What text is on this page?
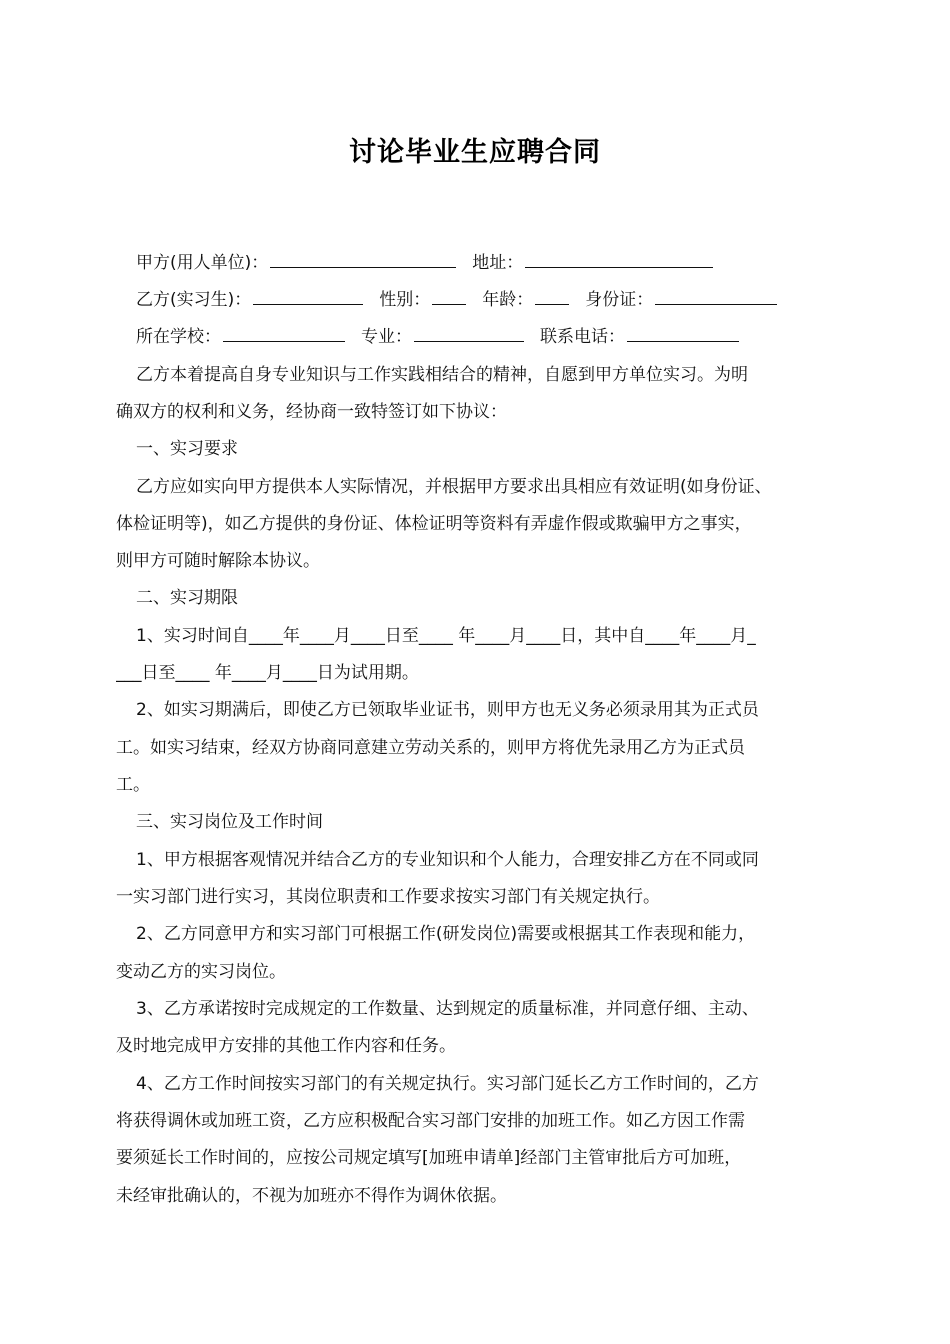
讨论毕业生应聘合同
甲方(用人单位)：	地址：
乙方(实习生)：	性别：	年龄：	身份证：
所在学校：	专业：	联系电话：
乙方本着提高自身专业知识与工作实践相结合的精神，自愿到甲方单位实习。为明
确双方的权利和义务，经协商一致特签订如下协议：
一、实习要求
乙方应如实向甲方提供本人实际情况，并根据甲方要求出具相应有效证明(如身份证、
体检证明等)，如乙方提供的身份证、体检证明等资料有弄虚作假或欺骗甲方之事实，
则甲方可随时解除本协议。
二、实习期限
1、实习时间自____年____月____日至____ 年____月____日，其中自____年____月_
___日至____ 年____月____日为试用期。
2、如实习期满后，即使乙方已领取毕业证书，则甲方也无义务必须录用其为正式员
工。如实习结束，经双方协商同意建立劳动关系的，则甲方将优先录用乙方为正式员
工。
三、实习岗位及工作时间
1、甲方根据客观情况并结合乙方的专业知识和个人能力，合理安排乙方在不同或同
一实习部门进行实习，其岗位职责和工作要求按实习部门有关规定执行。
2、乙方同意甲方和实习部门可根据工作(研发岗位)需要或根据其工作表现和能力，
变动乙方的实习岗位。
3、乙方承诺按时完成规定的工作数量、达到规定的质量标准，并同意仔细、主动、
及时地完成甲方安排的其他工作内容和任务。
4、乙方工作时间按实习部门的有关规定执行。实习部门延长乙方工作时间的，乙方
将获得调休或加班工资，乙方应积极配合实习部门安排的加班工作。如乙方因工作需
要须延长工作时间的，应按公司规定填写[加班申请单]经部门主管审批后方可加班，
未经审批确认的，不视为加班亦不得作为调休依据。
